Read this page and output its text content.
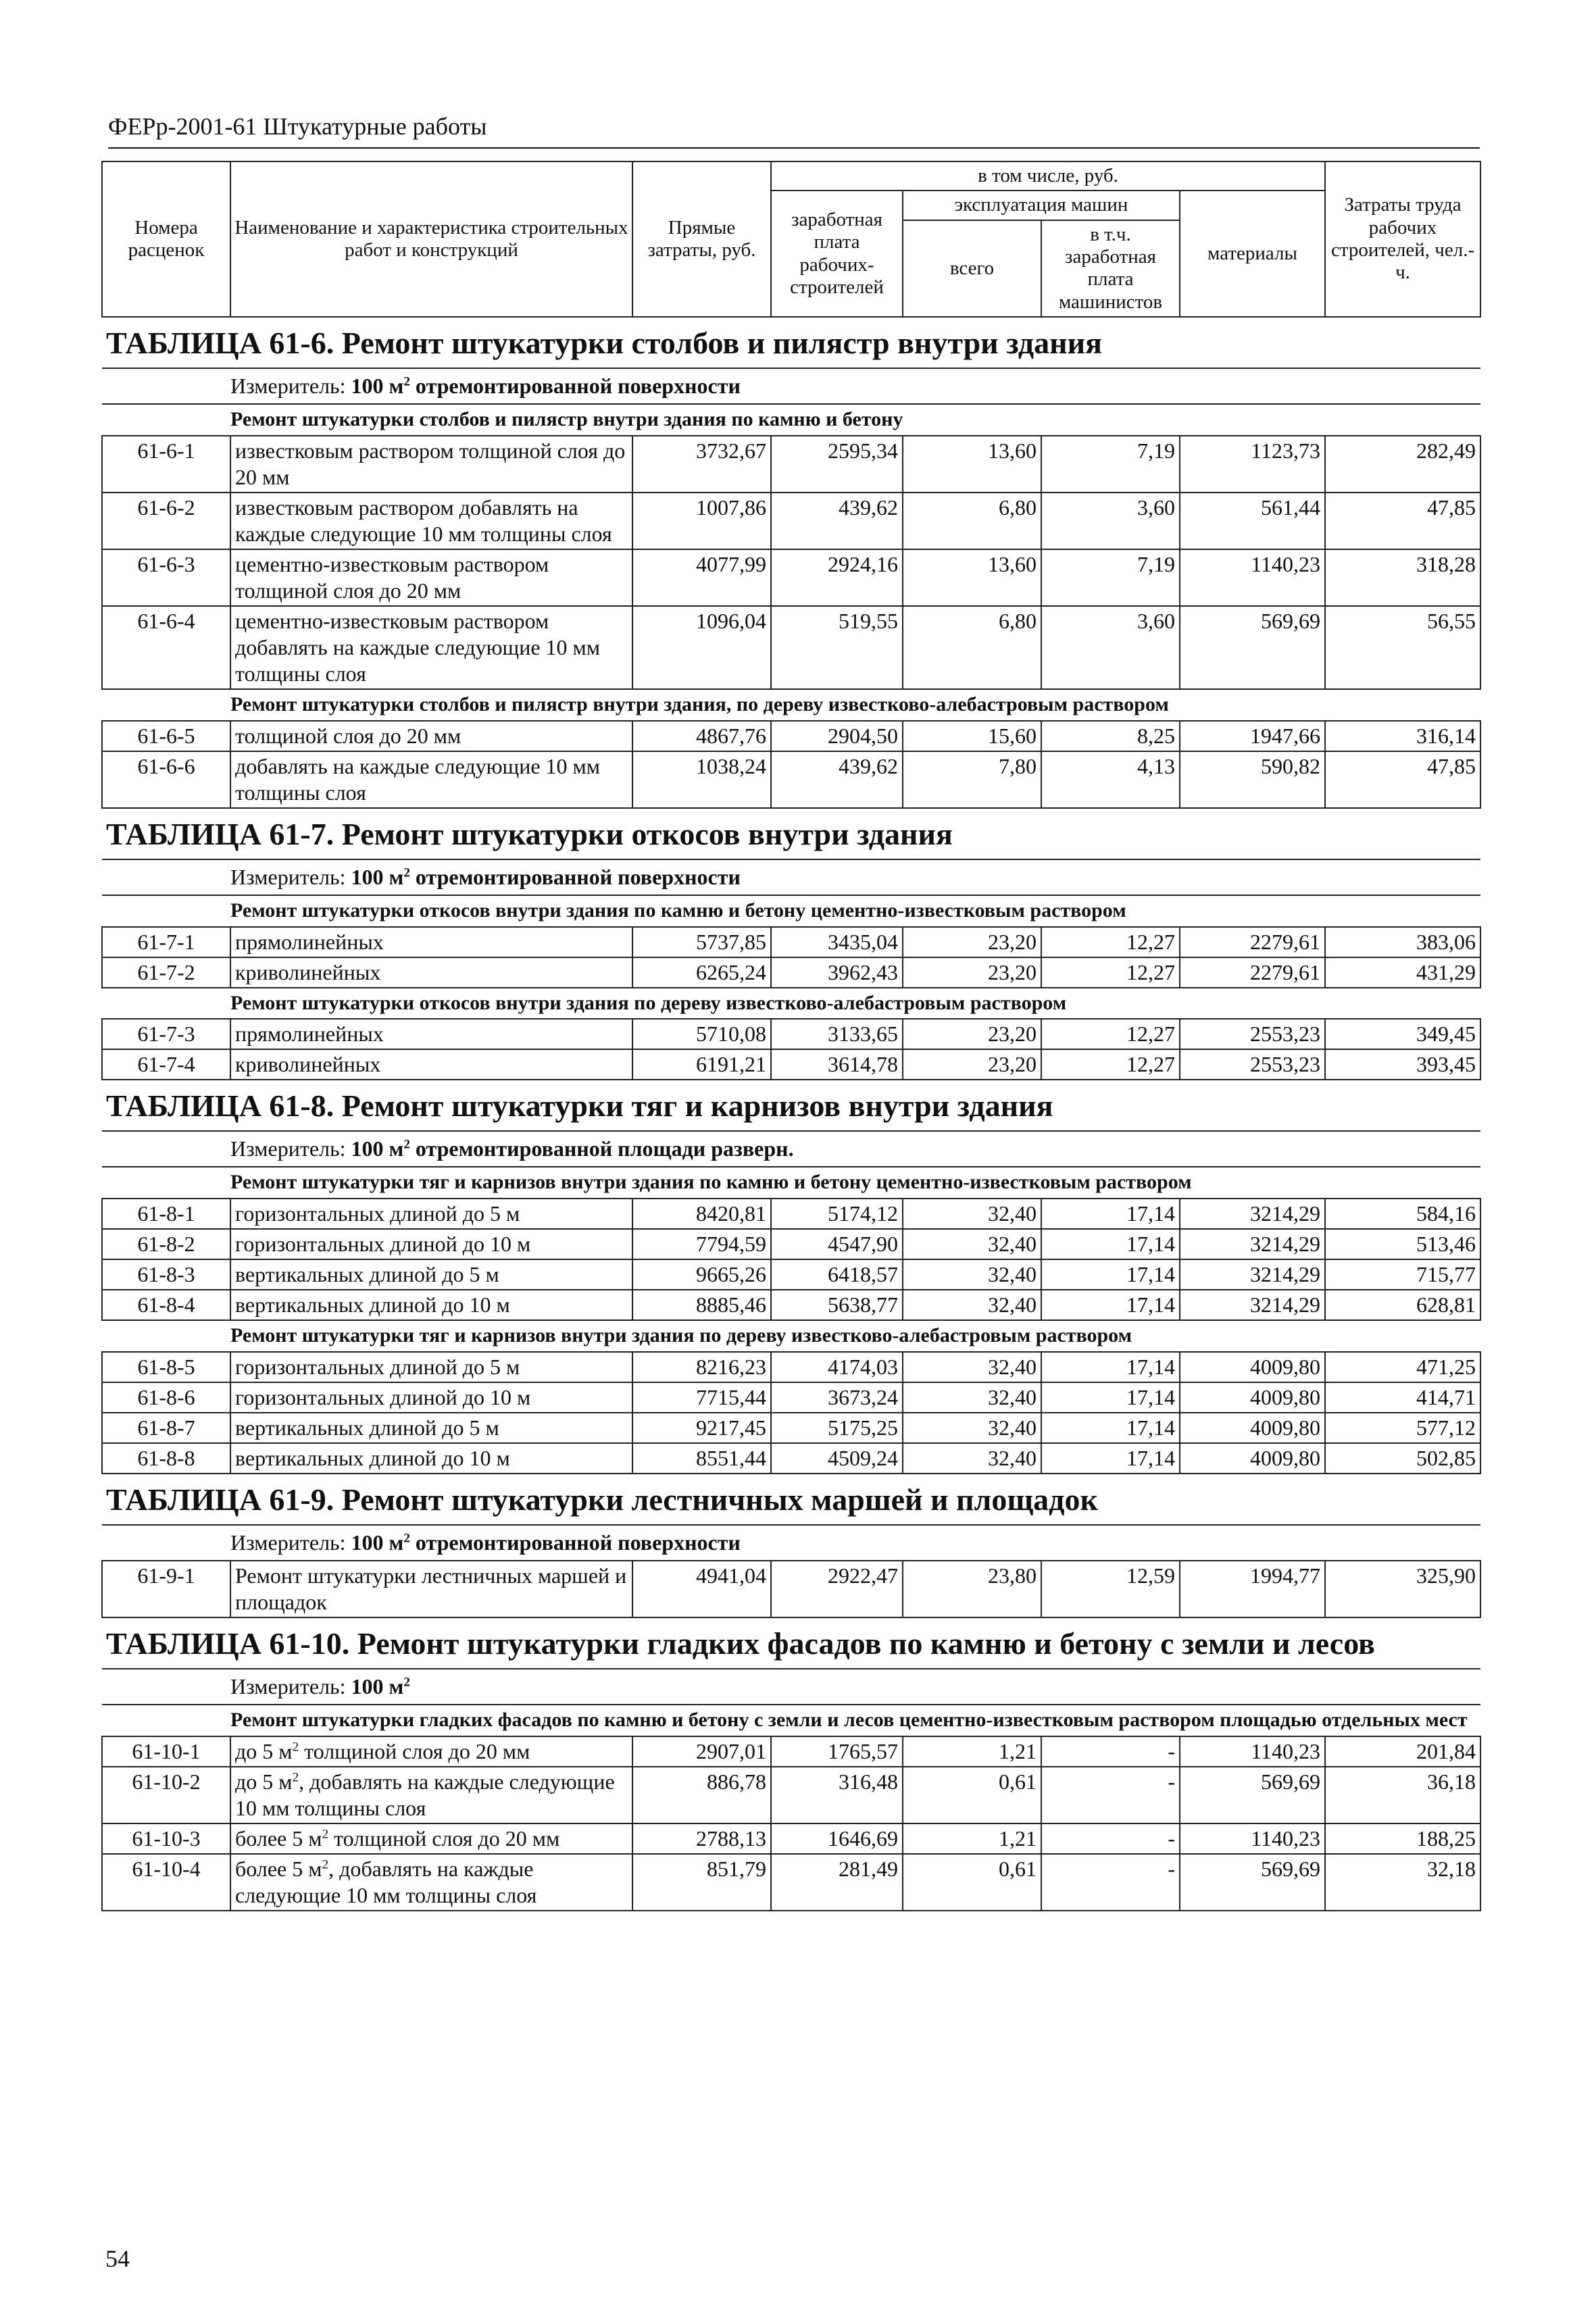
ФЕРр-2001-61 Штукатурные работы
Номера расценок	Наименование и характеристика строительных работ и конструкций	Прямые затраты, руб.	в том числе, руб.				Затраты труда рабочих строителей, чел.-ч.
			заработная плата рабочих-строителей	эксплуатация машин		материалы	
				всего	в т.ч. заработная плата машинистов		
ТАБЛИЦА 61-6. Ремонт штукатурки столбов и пилястр внутри здания							
Измеритель: 100 $м^2$ отремонтированной поверхности							
Ремонт штукатурки столбов и пилястр внутри здания по камню и бетону							
61-6-1	известковым раствором толщиной слоя до 20 мм	3732,67	2595,34	13,60	7,19	1123,73	282,49
61-6-2	известковым раствором добавлять на каждые следующие 10 мм толщины слоя	1007,86	439,62	6,80	3,60	561,44	47,85
61-6-3	цементно-известковым раствором толщиной слоя до 20 мм	4077,99	2924,16	13,60	7,19	1140,23	318,28
61-6-4	цементно-известковым раствором добавлять на каждые следующие 10 мм толщины слоя	1096,04	519,55	6,80	3,60	569,69	56,55
Ремонт штукатурки столбов и пилястр внутри здания, по дереву известково-алебастровым раствором							
61-6-5	толщиной слоя до 20 мм	4867,76	2904,50	15,60	8,25	1947,66	316,14
61-6-6	добавлять на каждые следующие 10 мм толщины слоя	1038,24	439,62	7,80	4,13	590,82	47,85
ТАБЛИЦА 61-7. Ремонт штукатурки откосов внутри здания							
Измеритель: 100 $м^2$ отремонтированной поверхности							
Ремонт штукатурки откосов внутри здания по камню и бетону цементно-известковым раствором							
61-7-1	прямолинейных	5737,85	3435,04	23,20	12,27	2279,61	383,06
61-7-2	криволинейных	6265,24	3962,43	23,20	12,27	2279,61	431,29
Ремонт штукатурки откосов внутри здания по дереву известково-алебастровым раствором							
61-7-3	прямолинейных	5710,08	3133,65	23,20	12,27	2553,23	349,45
61-7-4	криволинейных	6191,21	3614,78	23,20	12,27	2553,23	393,45
ТАБЛИЦА 61-8. Ремонт штукатурки тяг и карнизов внутри здания							
Измеритель: 100 $м^2$ отремонтированной площади разверн.							
Ремонт штукатурки тяг и карнизов внутри здания по камню и бетону цементно-известковым раствором							
61-8-1	горизонтальных длиной до 5 м	8420,81	5174,12	32,40	17,14	3214,29	584,16
61-8-2	горизонтальных длиной до 10 м	7794,59	4547,90	32,40	17,14	3214,29	513,46
61-8-3	вертикальных длиной до 5 м	9665,26	6418,57	32,40	17,14	3214,29	715,77
61-8-4	вертикальных длиной до 10 м	8885,46	5638,77	32,40	17,14	3214,29	628,81
Ремонт штукатурки тяг и карнизов внутри здания по дереву известково-алебастровым раствором							
61-8-5	горизонтальных длиной до 5 м	8216,23	4174,03	32,40	17,14	4009,80	471,25
61-8-6	горизонтальных длиной до 10 м	7715,44	3673,24	32,40	17,14	4009,80	414,71
61-8-7	вертикальных длиной до 5 м	9217,45	5175,25	32,40	17,14	4009,80	577,12
61-8-8	вертикальных длиной до 10 м	8551,44	4509,24	32,40	17,14	4009,80	502,85
ТАБЛИЦА 61-9. Ремонт штукатурки лестничных маршей и площадок							
Измеритель: 100 $м^2$ отремонтированной поверхности							
61-9-1	Ремонт штукатурки лестничных маршей и площадок	4941,04	2922,47	23,80	12,59	1994,77	325,90
ТАБЛИЦА 61-10. Ремонт штукатурки гладких фасадов по камню и бетону с земли и лесов							
Измеритель: 100 $м^2$
Ремонт штукатурки гладких фасадов по камню и бетону с земли и лесов цементно-известковым раствором площадью отдельных мест							
61-10-1	до 5 $м^2$ толщиной слоя до 20 мм	2907,01	1765,57	1,21	-	1140,23	201,84
61-10-2	до 5 $м^2$, добавлять на каждые следующие 10 мм толщины слоя	886,78	316,48	0,61	-	569,69	36,18
61-10-3	более 5 $м^2$ толщиной слоя до 20 мм	2788,13	1646,69	1,21	-	1140,23	188,25
61-10-4	более 5 $м^2$, добавлять на каждые следующие 10 мм толщины слоя	851,79	281,49	0,61	-	569,69	32,18
54
